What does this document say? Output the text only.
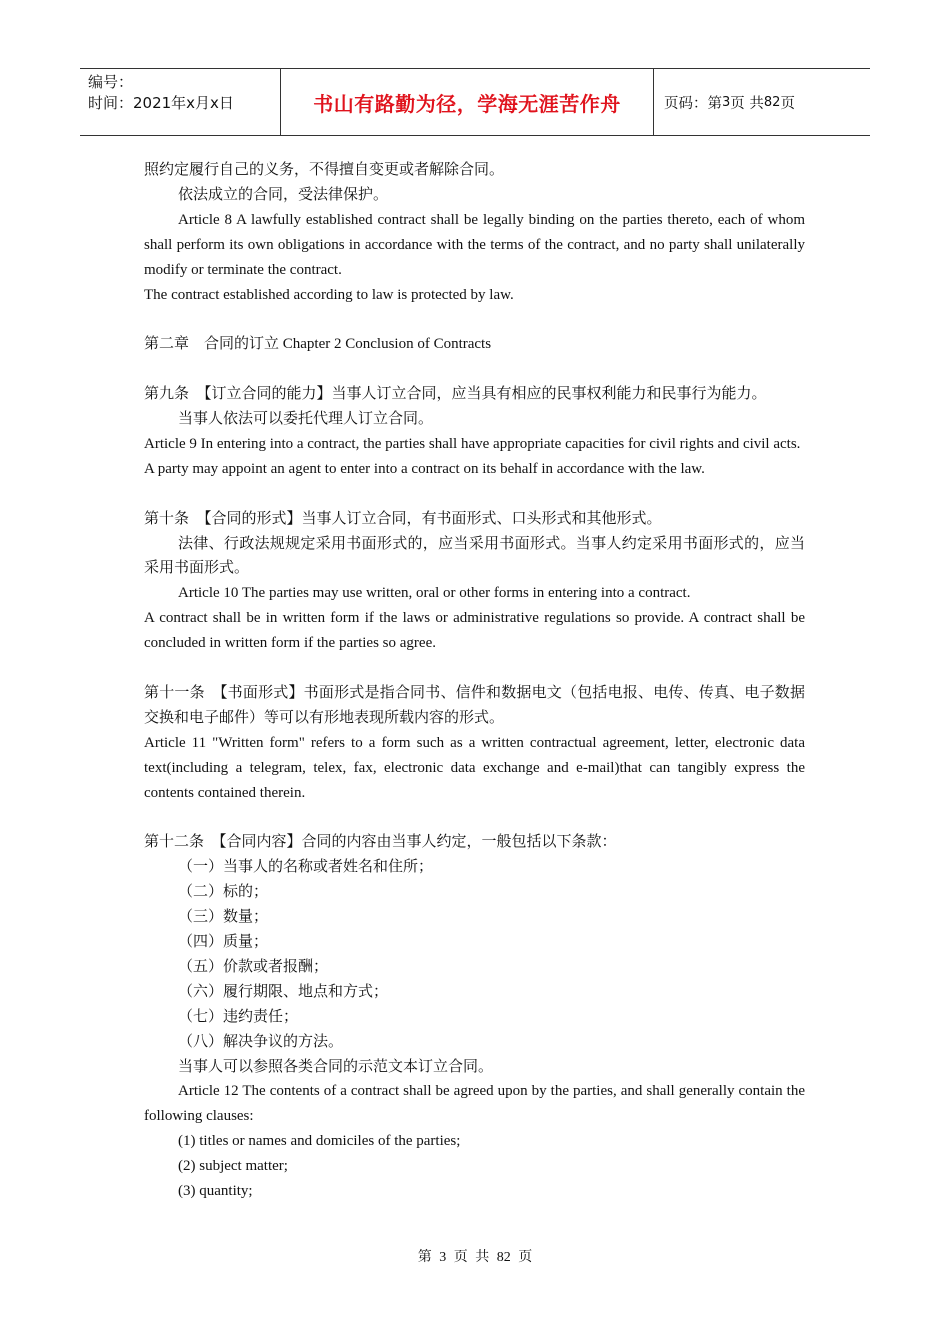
编号：
时间：2021年x月x日	书山有路勤为径，学海无涯苦作舟	页码：第 3 页 共 82 页

照约定履行自己的义务，不得擅自变更或者解除合同。

依法成立的合同，受法律保护。

Article 8 A lawfully established contract shall be legally binding on the parties thereto, each of whom shall perform its own obligations in accordance with the terms of the contract, and no party shall unilaterally modify or terminate the contract.

The contract established according to law is protected by law.

第二章　合同的订立 Chapter 2 Conclusion of Contracts

第九条　【订立合同的能力】当事人订立合同，应当具有相应的民事权利能力和民事行为能力。

当事人依法可以委托代理人订立合同。

Article 9 In entering into a contract, the parties shall have appropriate capacities for civil rights and civil acts.

A party may appoint an agent to enter into a contract on its behalf in accordance with the law.

第十条　【合同的形式】当事人订立合同，有书面形式、口头形式和其他形式。

法律、行政法规规定采用书面形式的，应当采用书面形式。当事人约定采用书面形式的，应当采用书面形式。

Article 10 The parties may use written, oral or other forms in entering into a contract.

A contract shall be in written form if the laws or administrative regulations so provide. A contract shall be concluded in written form if the parties so agree.

第十一条　【书面形式】书面形式是指合同书、信件和数据电文（包括电报、电传、传真、电子数据交换和电子邮件）等可以有形地表现所载内容的形式。

Article 11 "Written form" refers to a form such as a written contractual agreement, letter, electronic data text(including a telegram, telex, fax, electronic data exchange and e-mail)that can tangibly express the contents contained therein.

第十二条　【合同内容】合同的内容由当事人约定，一般包括以下条款：

（一）当事人的名称或者姓名和住所；

（二）标的；

（三）数量；

（四）质量；

（五）价款或者报酬；

（六）履行期限、地点和方式；

（七）违约责任；

（八）解决争议的方法。

当事人可以参照各类合同的示范文本订立合同。

Article 12 The contents of a contract shall be agreed upon by the parties, and shall generally contain the following clauses:

(1) titles or names and domiciles of the parties;

(2) subject matter;

(3) quantity;

第 3 页 共 82 页
